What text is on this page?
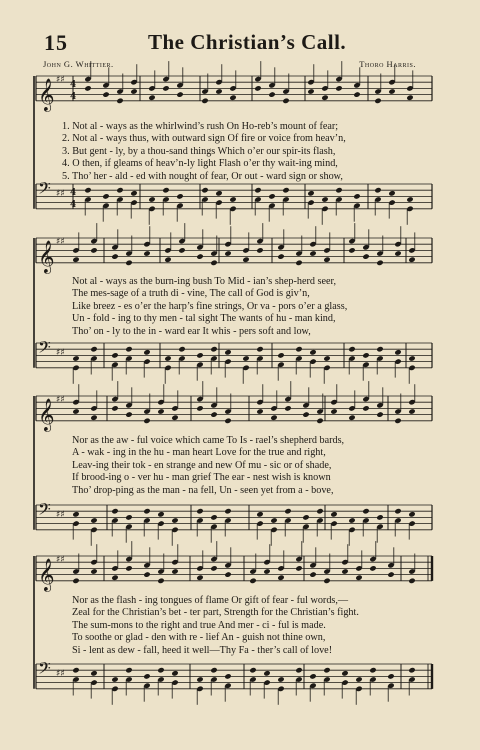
15	The Christian’s Call.
John G. Whittier.	Thoro Harris.
𝄞 ♯♯ 4
4
𝄢 ♯♯ 4
4
1. Not al - ways as the whirlwind’s rush On Ho-reb’s mount of fear;
2. Not al - ways thus, with outward sign Of fire or voice from heav’n,
3. But gent - ly, by a thou-sand things Which o’er our spir-its flash,
4. O then, if gleams of heav’n-ly light Flash o’er thy wait-ing mind,
5. Tho’ her - ald - ed with nought of fear, Or out - ward sign or show,
𝄞 ♯♯
𝄢 ♯♯
Not al - ways as the burn-ing bush To Mid - ian’s shep-herd seer,
The mes-sage of a truth di - vine, The call of God is giv’n,
Like breez - es o’er the harp’s fine strings, Or va - pors o’er a glass,
Un - fold - ing to thy men - tal sight The wants of hu - man kind,
Tho’ on - ly to the in - ward ear It whis - pers soft and low,
𝄞 ♯♯
𝄢 ♯♯
Nor as the aw - ful voice which came To Is - rael’s shepherd bards,
A - wak - ing in the hu - man heart Love for the true and right,
Leav-ing their tok - en strange and new Of mu - sic or of shade,
If brood-ing o - ver hu - man grief The ear - nest wish is known
Tho’ drop-ping as the man - na fell, Un - seen yet from a - bove,
𝄞 ♯♯
𝄢 ♯♯
Nor as the flash - ing tongues of flame Or gift of fear - ful words,—
Zeal for the Christian’s bet - ter part, Strength for the Christian’s fight.
The sum-mons to the right and true And mer - ci - ful is made.
To soothe or glad - den with re - lief An - guish not thine own,
Si - lent as dew - fall, heed it well—Thy Fa - ther’s call of love!
